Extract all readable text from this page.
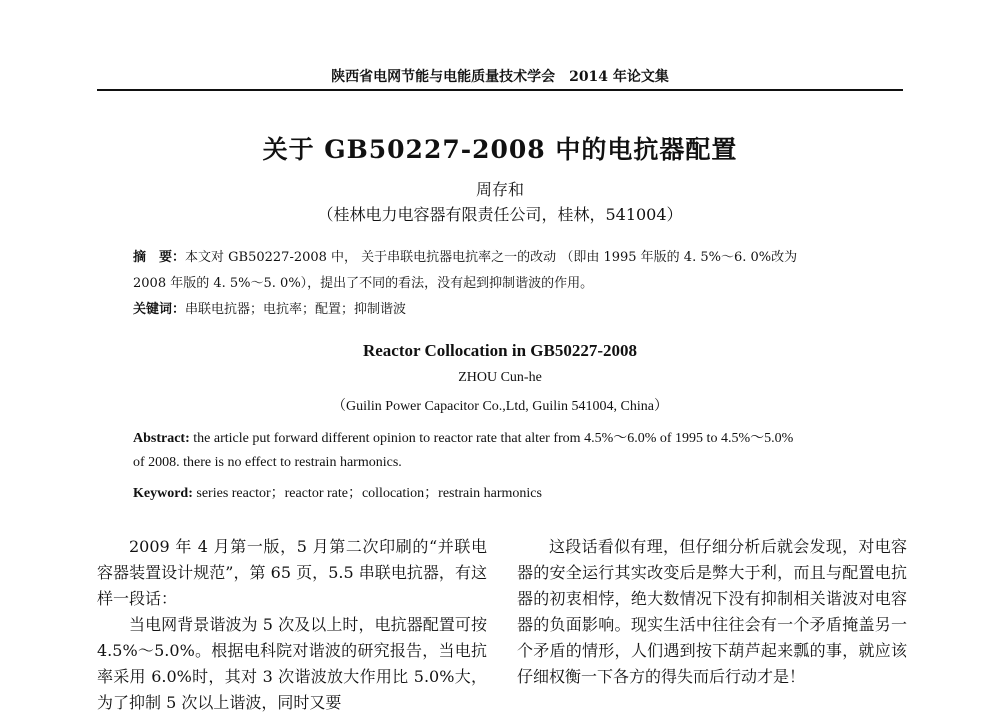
陕西省电网节能与电能质量技术学会　2014 年论文集
关于 GB50227-2008 中的电抗器配置
周存和
（桂林电力电容器有限责任公司，桂林，541004）
摘　要：本文对 GB50227-2008 中， 关于串联电抗器电抗率之一的改动 （即由 1995 年版的 4. 5%～6. 0%改为
2008 年版的 4. 5%～5. 0%），提出了不同的看法，没有起到抑制谐波的作用。
关键词：串联电抗器；电抗率；配置；抑制谐波
Reactor Collocation in GB50227-2008
ZHOU Cun-he
（Guilin Power Capacitor Co.,Ltd, Guilin 541004, China）
Abstract: the article put forward different opinion to reactor rate that alter from 4.5%～6.0% of 1995 to 4.5%～5.0%
of 2008. there is no effect to restrain harmonics.
Keyword: series reactor；reactor rate；collocation；restrain harmonics

2009 年 4 月第一版，5 月第二次印刷的“并联电容器装置设计规范”，第 65 页，5.5 串联电抗器，有这样一段话：

当电网背景谐波为 5 次及以上时，电抗器配置可按 4.5%～5.0%。根据电科院对谐波的研究报告，当电抗率采用 6.0%时，其对 3 次谐波放大作用比 5.0%大，为了抑制 5 次以上谐波，同时又要

这段话看似有理，但仔细分析后就会发现，对电容器的安全运行其实改变后是弊大于利，而且与配置电抗器的初衷相悖，绝大数情况下没有抑制相关谐波对电容器的负面影响。现实生活中往往会有一个矛盾掩盖另一个矛盾的情形，人们遇到按下葫芦起来瓢的事，就应该仔细权衡一下各方的得失而后行动才是！
